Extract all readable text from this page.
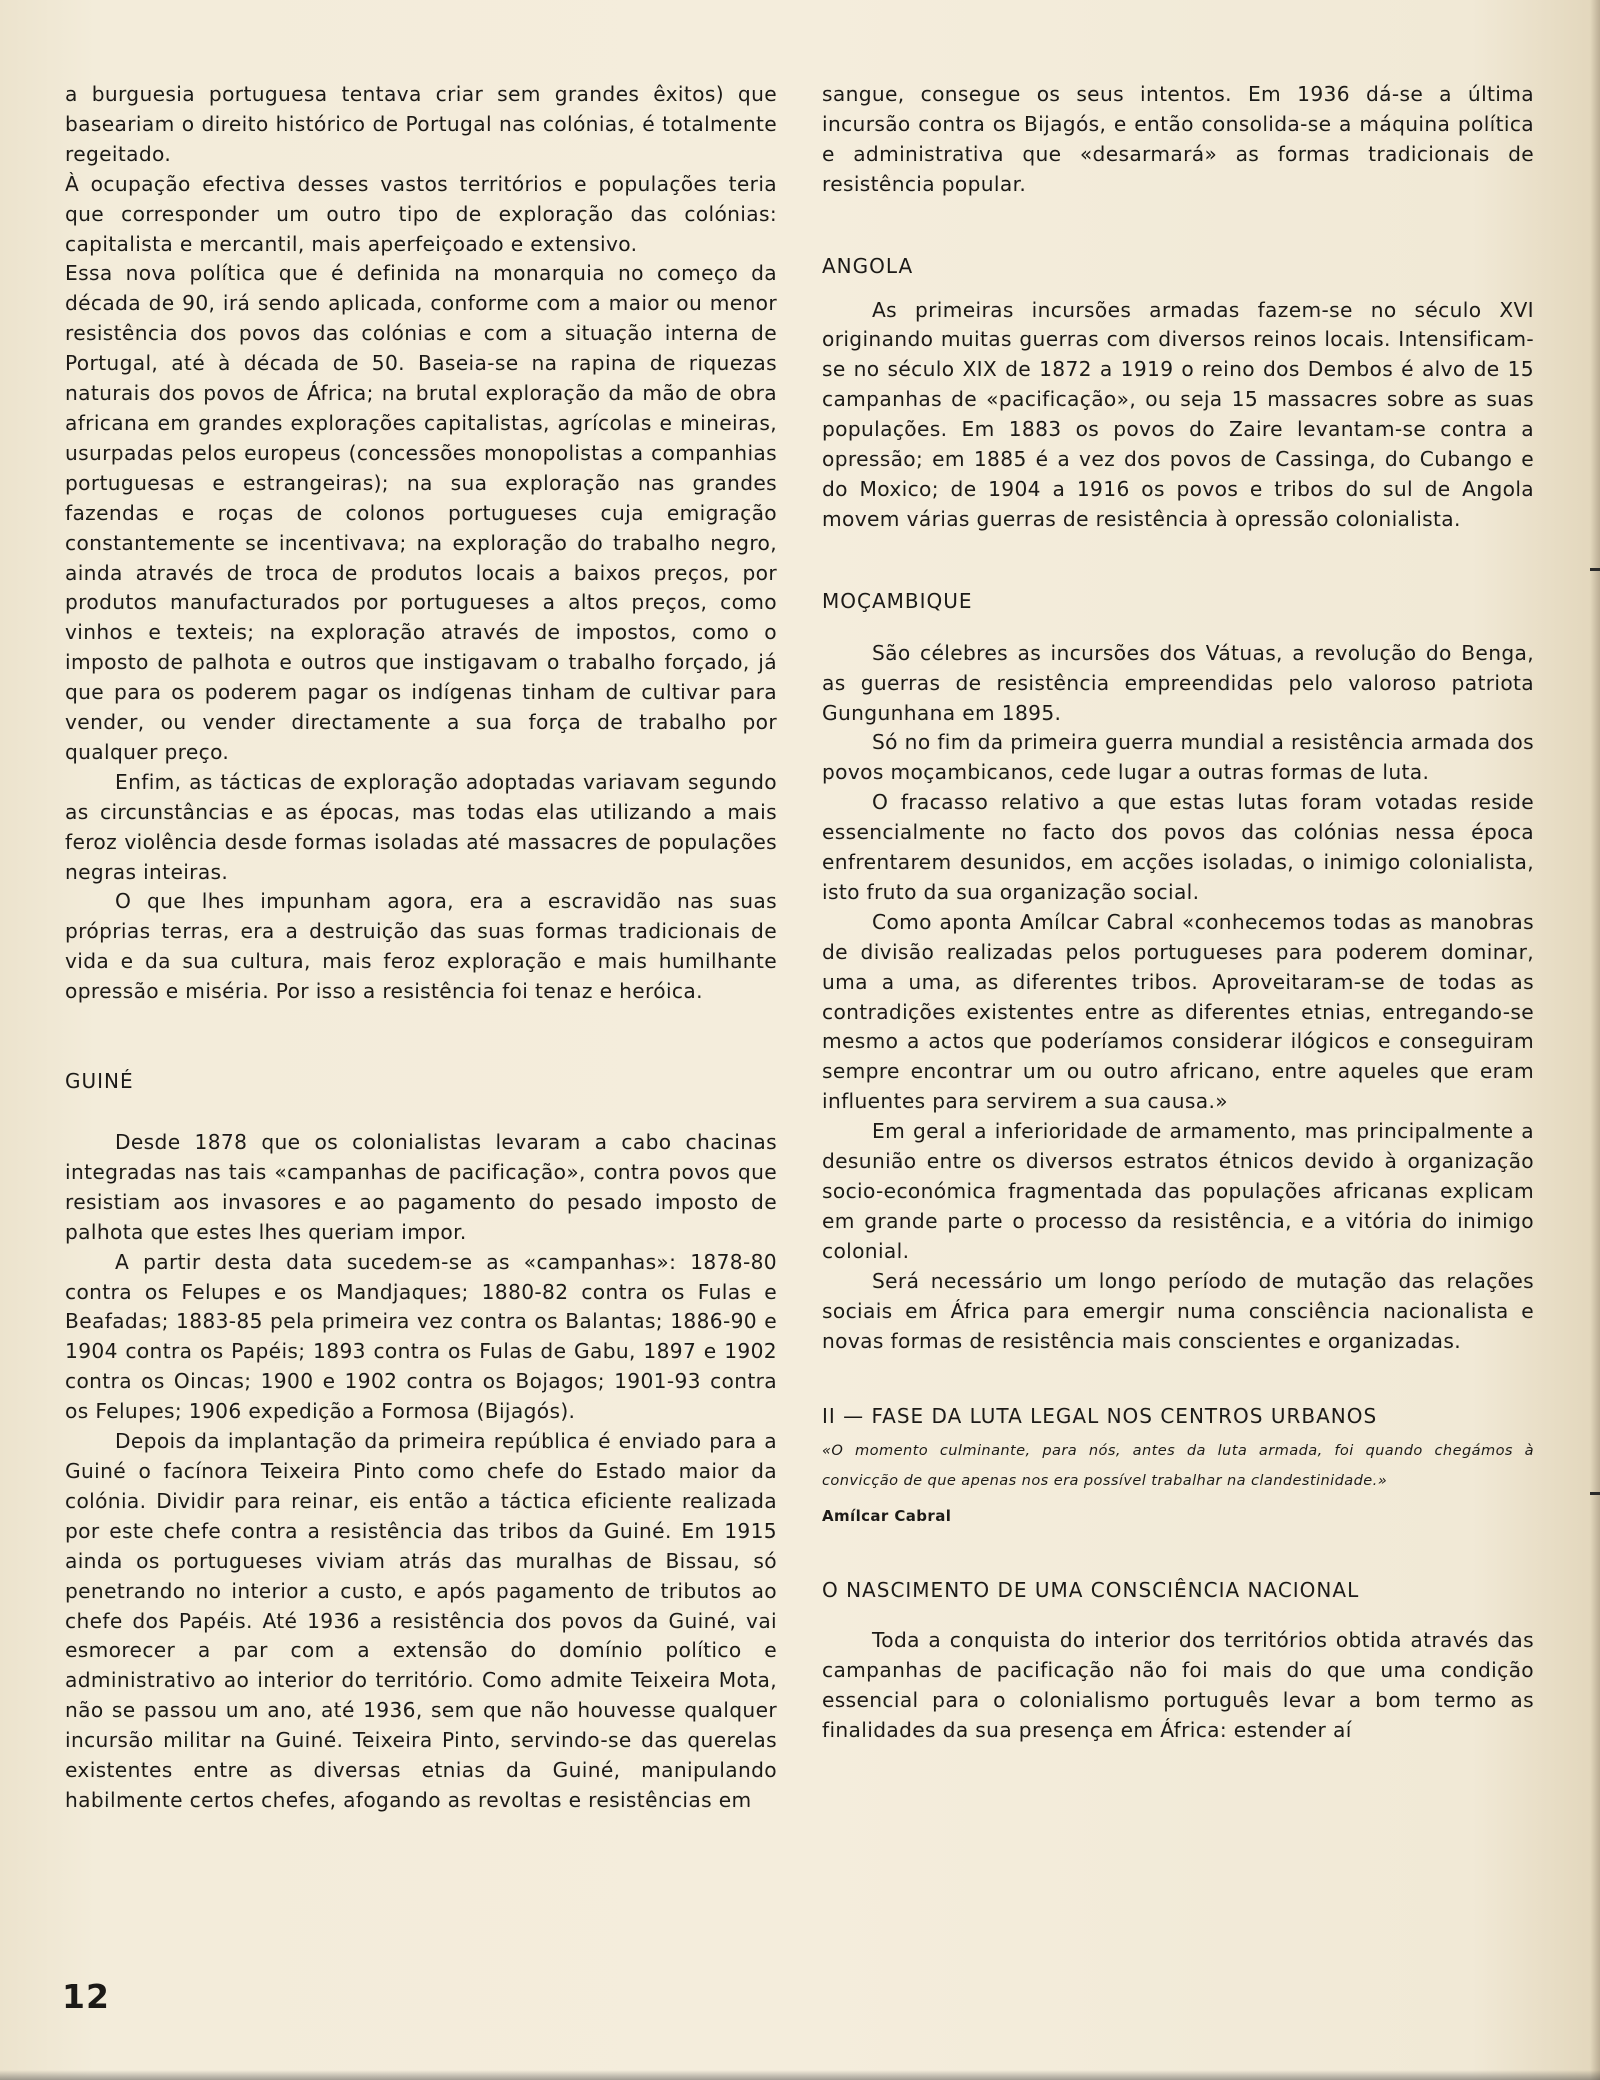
a burguesia portuguesa tentava criar sem grandes êxitos) que baseariam o direito histórico de Portugal nas colónias, é totalmente regeitado.

À ocupação efectiva desses vastos territórios e populações teria que corresponder um outro tipo de exploração das colónias: capitalista e mercantil, mais aperfeiçoado e extensivo.

Essa nova política que é definida na monarquia no começo da década de 90, irá sendo aplicada, conforme com a maior ou menor resistência dos povos das colónias e com a situação interna de Portugal, até à década de 50. Baseia-se na rapina de riquezas naturais dos povos de África; na brutal exploração da mão de obra africana em grandes explorações capitalistas, agrícolas e mineiras, usurpadas pelos europeus (concessões monopolistas a companhias portuguesas e estrangeiras); na sua exploração nas grandes fazendas e roças de colonos portugueses cuja emigração constantemente se incentivava; na exploração do trabalho negro, ainda através de troca de produtos locais a baixos preços, por produtos manufacturados por portugueses a altos preços, como vinhos e texteis; na exploração através de impostos, como o imposto de palhota e outros que instigavam o trabalho forçado, já que para os poderem pagar os indígenas tinham de cultivar para vender, ou vender directamente a sua força de trabalho por qualquer preço.

Enfim, as tácticas de exploração adoptadas variavam segundo as circunstâncias e as épocas, mas todas elas utilizando a mais feroz violência desde formas isoladas até massacres de populações negras inteiras.

O que lhes impunham agora, era a escravidão nas suas próprias terras, era a destruição das suas formas tradicionais de vida e da sua cultura, mais feroz exploração e mais humilhante opressão e miséria. Por isso a resistência foi tenaz e heróica.

GUINÉ

Desde 1878 que os colonialistas levaram a cabo chacinas integradas nas tais «campanhas de pacificação», contra povos que resistiam aos invasores e ao pagamento do pesado imposto de palhota que estes lhes queriam impor.

A partir desta data sucedem-se as «campanhas»: 1878-80 contra os Felupes e os Mandjaques; 1880-82 contra os Fulas e Beafadas; 1883-85 pela primeira vez contra os Balantas; 1886-90 e 1904 contra os Papéis; 1893 contra os Fulas de Gabu, 1897 e 1902 contra os Oincas; 1900 e 1902 contra os Bojagos; 1901-93 contra os Felupes; 1906 expedição a Formosa (Bijagós).

Depois da implantação da primeira república é enviado para a Guiné o facínora Teixeira Pinto como chefe do Estado maior da colónia. Dividir para reinar, eis então a táctica eficiente realizada por este chefe contra a resistência das tribos da Guiné. Em 1915 ainda os portugueses viviam atrás das muralhas de Bissau, só penetrando no interior a custo, e após pagamento de tributos ao chefe dos Papéis. Até 1936 a resistência dos povos da Guiné, vai esmorecer a par com a extensão do domínio político e administrativo ao interior do território. Como admite Teixeira Mota, não se passou um ano, até 1936, sem que não houvesse qualquer incursão militar na Guiné. Teixeira Pinto, servindo-se das querelas existentes entre as diversas etnias da Guiné, manipulando habilmente certos chefes, afogando as revoltas e resistências em

sangue, consegue os seus intentos. Em 1936 dá-se a última incursão contra os Bijagós, e então consolida-se a máquina política e administrativa que «desarmará» as formas tradicionais de resistência popular.

ANGOLA

As primeiras incursões armadas fazem-se no século XVI originando muitas guerras com diversos reinos locais. Intensificam-se no século XIX de 1872 a 1919 o reino dos Dembos é alvo de 15 campanhas de «pacificação», ou seja 15 massacres sobre as suas populações. Em 1883 os povos do Zaire levantam-se contra a opressão; em 1885 é a vez dos povos de Cassinga, do Cubango e do Moxico; de 1904 a 1916 os povos e tribos do sul de Angola movem várias guerras de resistência à opressão colonialista.

MOÇAMBIQUE

São célebres as incursões dos Vátuas, a revolução do Benga, as guerras de resistência empreendidas pelo valoroso patriota Gungunhana em 1895.

Só no fim da primeira guerra mundial a resistência armada dos povos moçambicanos, cede lugar a outras formas de luta.

O fracasso relativo a que estas lutas foram votadas reside essencialmente no facto dos povos das colónias nessa época enfrentarem desunidos, em acções isoladas, o inimigo colonialista, isto fruto da sua organização social.

Como aponta Amílcar Cabral «conhecemos todas as manobras de divisão realizadas pelos portugueses para poderem dominar, uma a uma, as diferentes tribos. Aproveitaram-se de todas as contradições existentes entre as diferentes etnias, entregando-se mesmo a actos que poderíamos considerar ilógicos e conseguiram sempre encontrar um ou outro africano, entre aqueles que eram influentes para servirem a sua causa.»

Em geral a inferioridade de armamento, mas principalmente a desunião entre os diversos estratos étnicos devido à organização socio-económica fragmentada das populações africanas explicam em grande parte o processo da resistência, e a vitória do inimigo colonial.

Será necessário um longo período de mutação das relações sociais em África para emergir numa consciência nacionalista e novas formas de resistência mais conscientes e organizadas.

II — FASE DA LUTA LEGAL NOS CENTROS URBANOS

«O momento culminante, para nós, antes da luta armada, foi quando chegámos à convicção de que apenas nos era possível trabalhar na clandestinidade.»

Amílcar Cabral

O NASCIMENTO DE UMA CONSCIÊNCIA NACIONAL

Toda a conquista do interior dos territórios obtida através das campanhas de pacificação não foi mais do que uma condição essencial para o colonialismo português levar a bom termo as finalidades da sua presença em África: estender aí

12
